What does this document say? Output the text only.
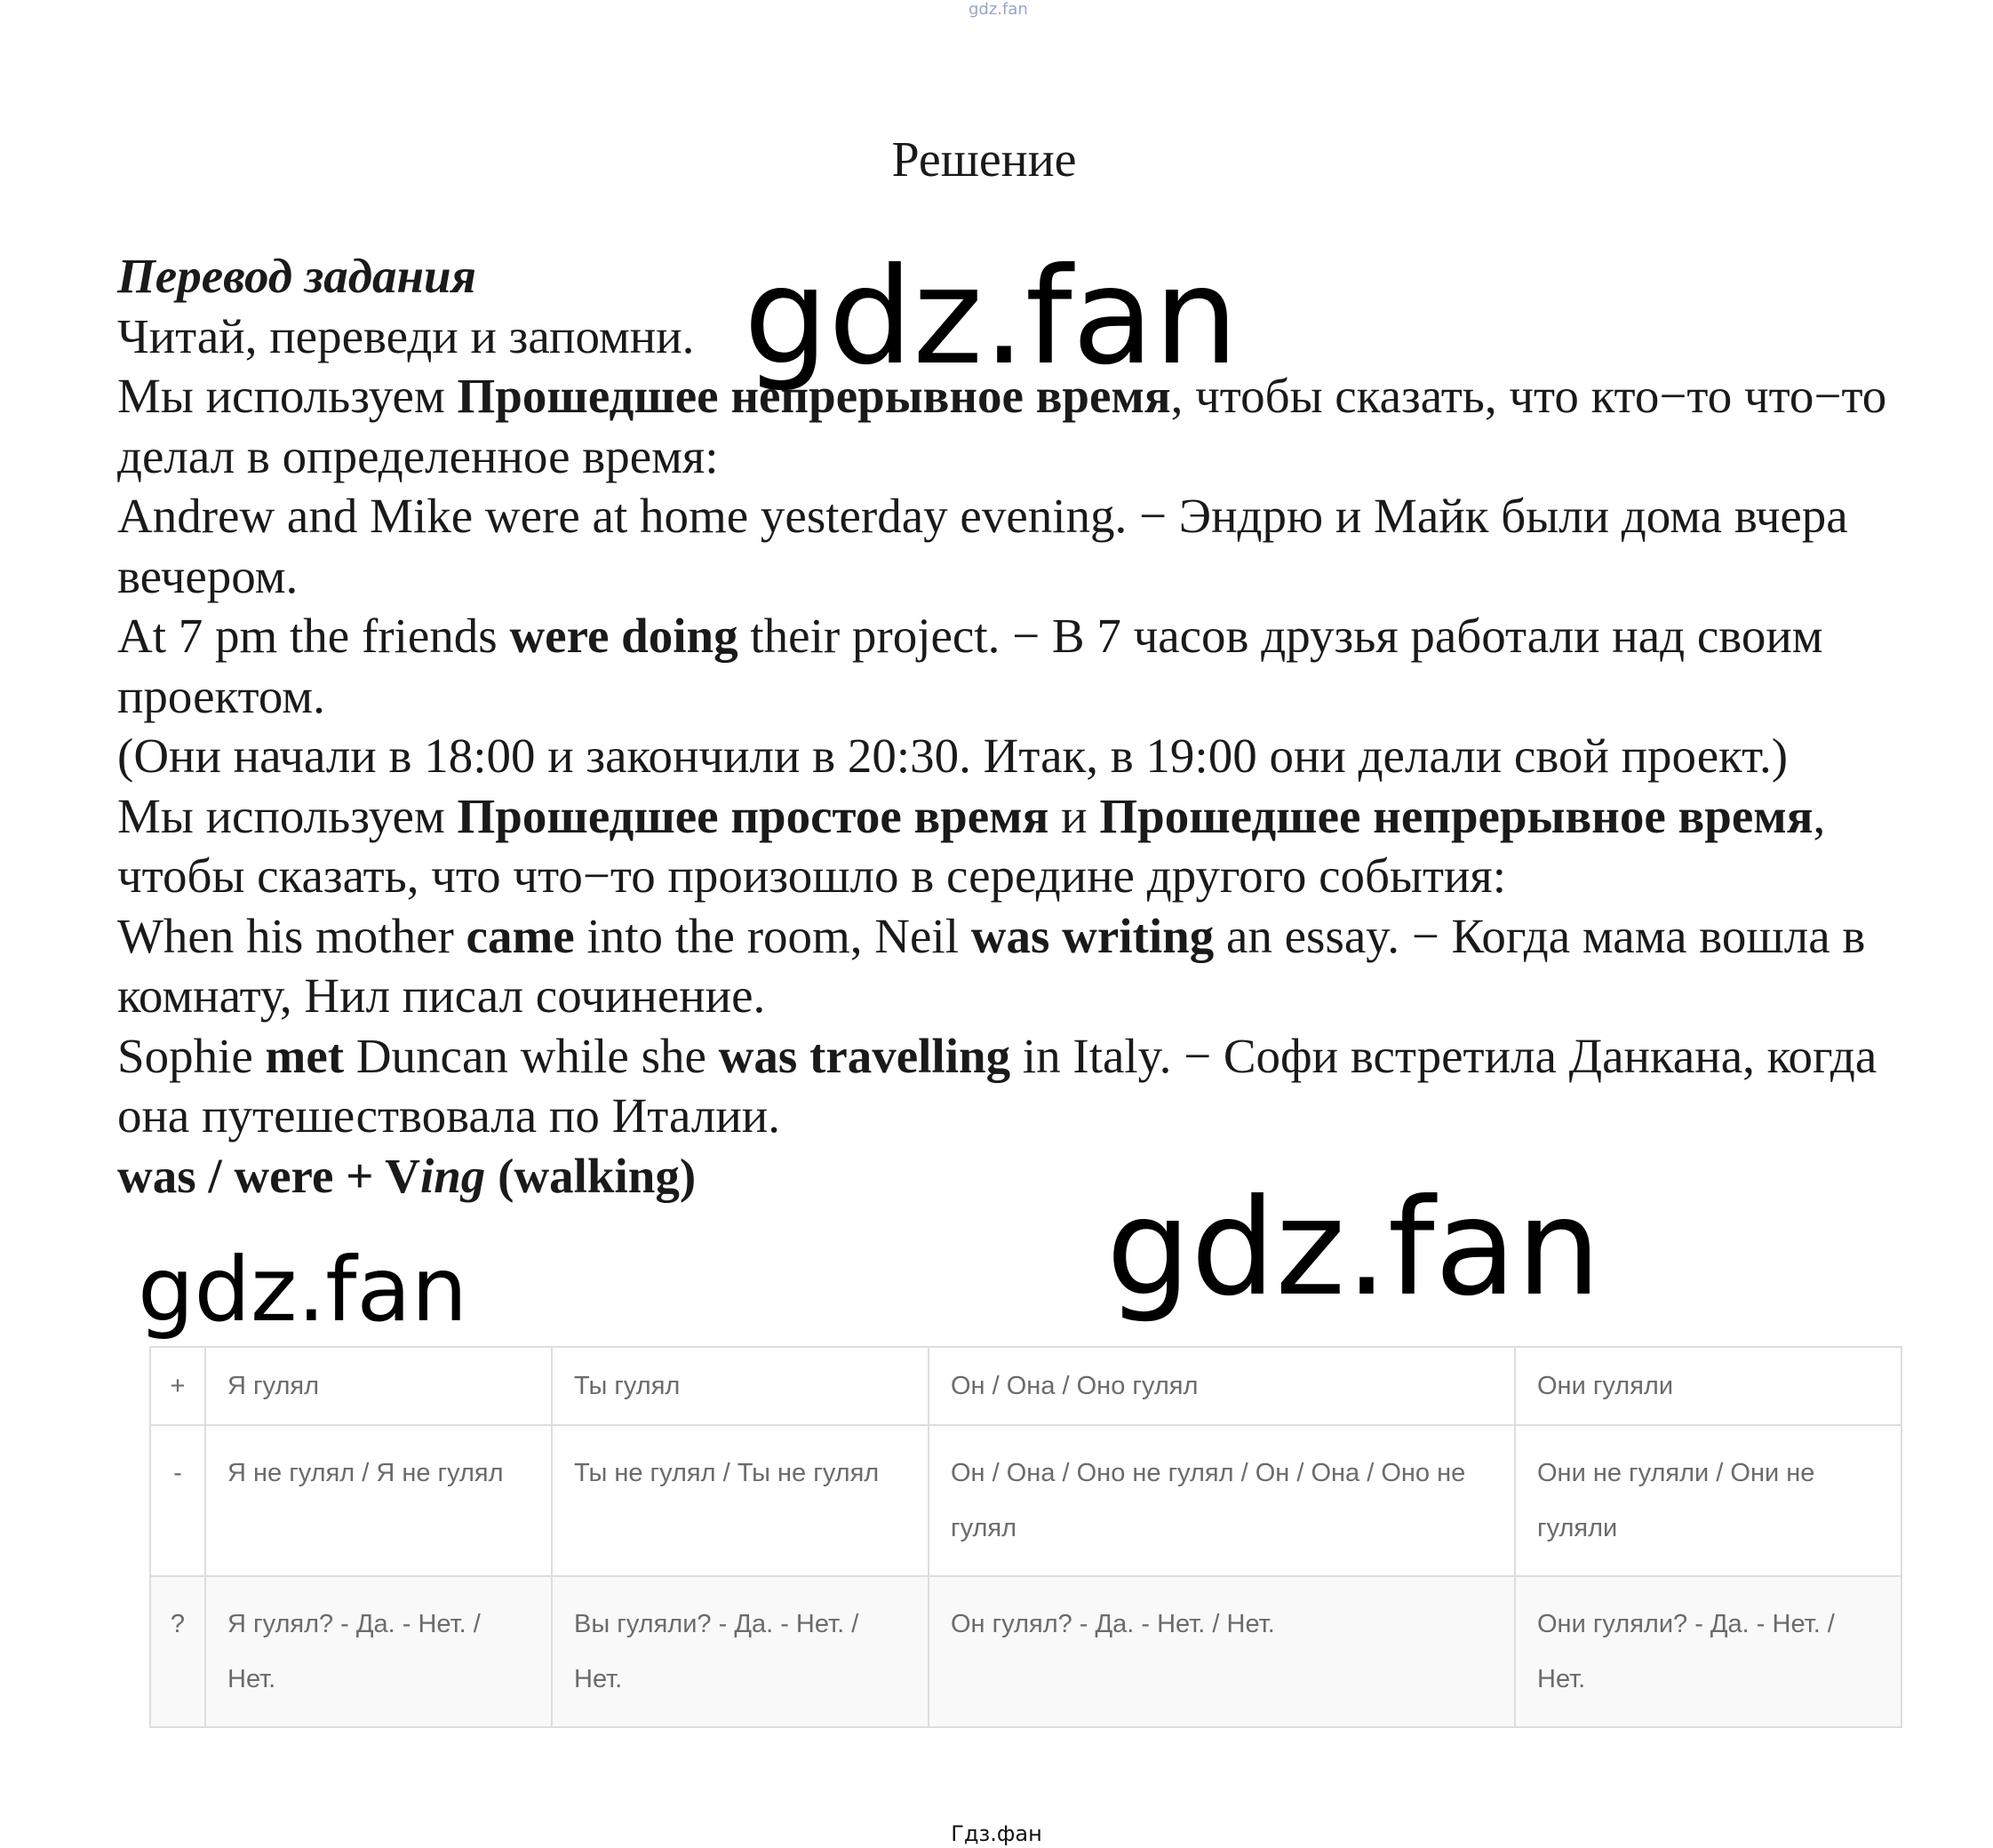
gdz.fan
Решение

Перевод задания

Читай, переведи и запомни.

Мы используем Прошедшее непрерывное время, чтобы сказать, что кто−то что−то делал в определенное время:

Andrew and Mike were at home yesterday evening. − Эндрю и Майк были дома вчера вечером.

At 7 pm the friends were doing their project. − В 7 часов друзья работали над своим проектом.

(Они начали в 18:00 и закончили в 20:30. Итак, в 19:00 они делали свой проект.)

Мы используем Прошедшее простое время и Прошедшее непрерывное время, чтобы сказать, что что−то произошло в середине другого события:

When his mother came into the room, Neil was writing an essay. − Когда мама вошла в комнату, Нил писал сочинение.

Sophie met Duncan while she was travelling in Italy. − Софи встретила Данкана, когда она путешествовала по Италии.

was / were + Ving (walking)

gdz.fan
gdz.fan
gdz.fan
+	Я гулял	Ты гулял	Он / Она / Оно гулял	Они гуляли
-	Я не гулял / Я не гулял	Ты не гулял / Ты не гулял	Он / Она / Оно не гулял / Он / Она / Оно не гулял	Они не гуляли / Они не гуляли
?	Я гулял? - Да. - Нет. / Нет.	Вы гуляли? - Да. - Нет. / Нет.	Он гулял? - Да. - Нет. / Нет.	Они гуляли? - Да. - Нет. / Нет.
Гдз.фан
